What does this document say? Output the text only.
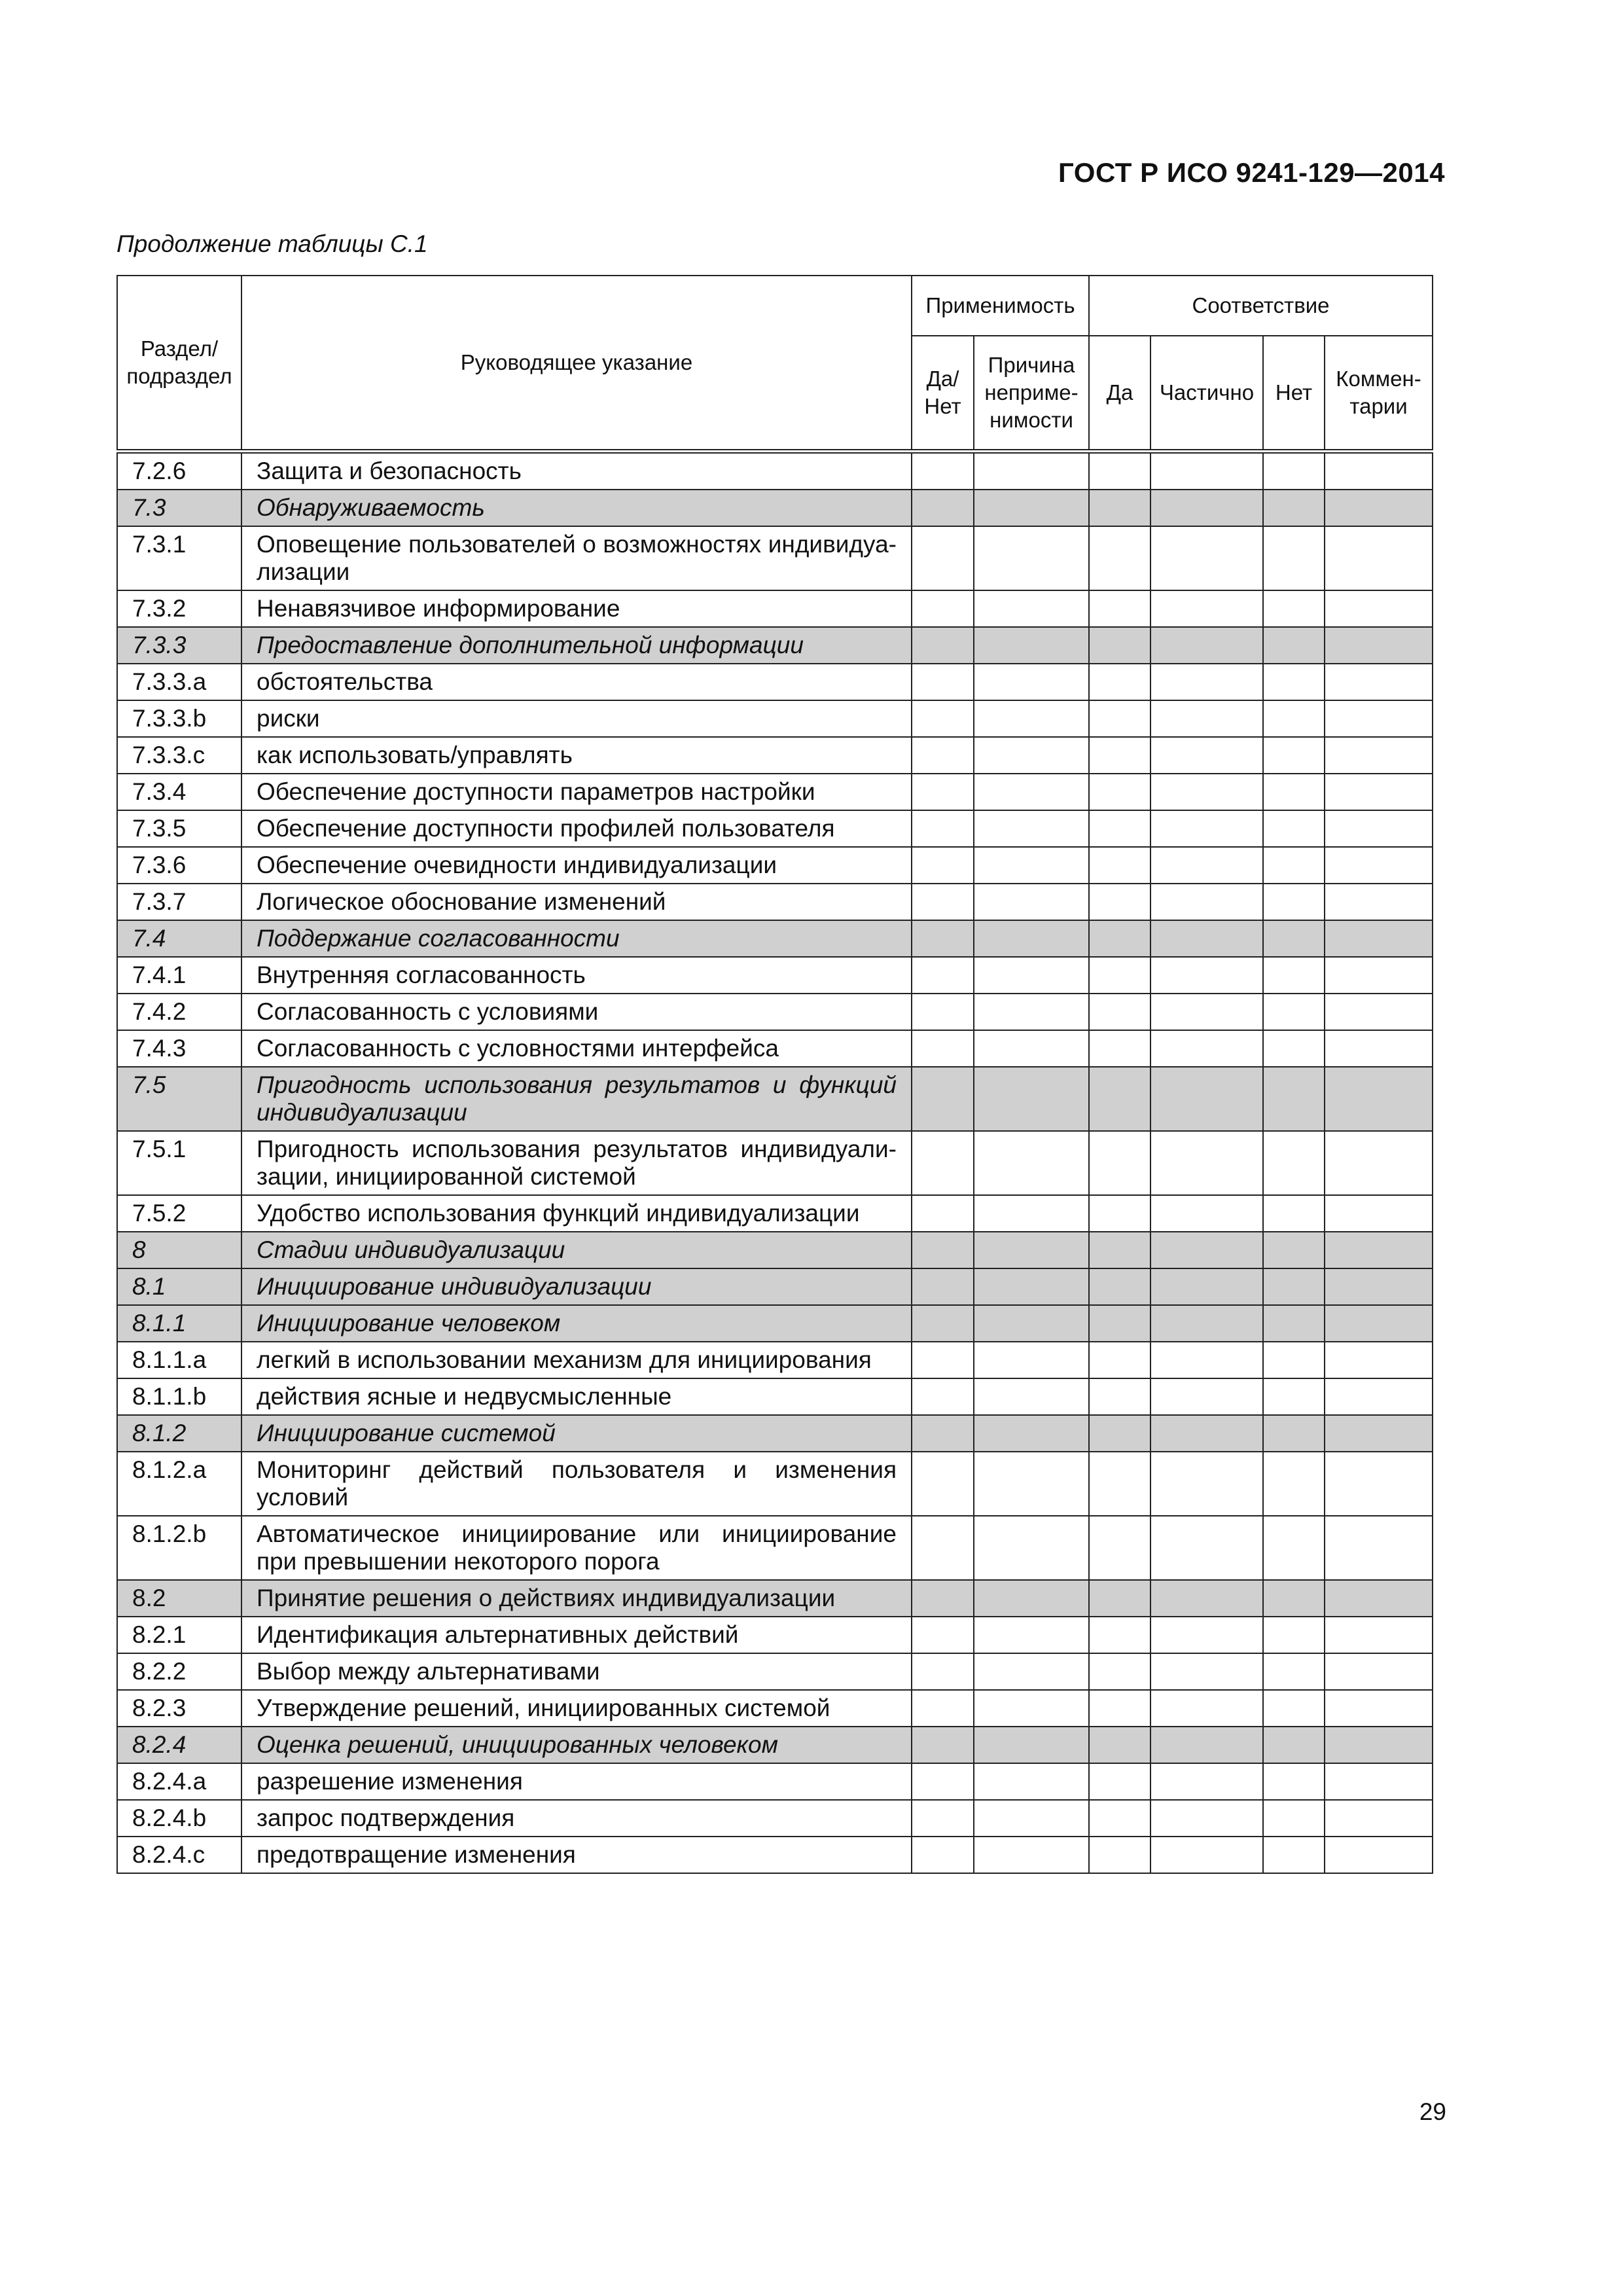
ГОСТ Р ИСО 9241-129—2014
Продолжение таблицы С.1
Раздел/ подраздел	Руководящее указание	Применимость		Соответствие			
		Да/ Нет	Причина неприме- нимости	Да	Частично	Нет	Коммен- тарии
7.2.6	Защита и безопасность						
7.3	Обнаруживаемость						
7.3.1	Оповещение пользователей о возможностях индивидуа- лизации						
7.3.2	Ненавязчивое информирование						
7.3.3	Предоставление дополнительной информации						
7.3.3.a	обстоятельства						
7.3.3.b	риски						
7.3.3.c	как использовать/управлять						
7.3.4	Обеспечение доступности параметров настройки						
7.3.5	Обеспечение доступности профилей пользователя						
7.3.6	Обеспечение очевидности индивидуализации						
7.3.7	Логическое обоснование изменений						
7.4	Поддержание согласованности						
7.4.1	Внутренняя согласованность						
7.4.2	Согласованность с условиями						
7.4.3	Согласованность с условностями интерфейса						
7.5	Пригодность использования результатов и функций индивидуализации						
7.5.1	Пригодность использования результатов индивидуали- зации, инициированной системой						
7.5.2	Удобство использования функций индивидуализации						
8	Стадии индивидуализации						
8.1	Инициирование индивидуализации						
8.1.1	Инициирование человеком						
8.1.1.a	легкий в использовании механизм для инициирования						
8.1.1.b	действия ясные и недвусмысленные						
8.1.2	Инициирование системой						
8.1.2.a	Мониторинг действий пользователя и изменения условий						
8.1.2.b	Автоматическое инициирование или инициирование при превышении некоторого порога						
8.2	Принятие решения о действиях индивидуализации						
8.2.1	Идентификация альтернативных действий						
8.2.2	Выбор между альтернативами						
8.2.3	Утверждение решений, инициированных системой						
8.2.4	Оценка решений, инициированных человеком						
8.2.4.a	разрешение изменения						
8.2.4.b	запрос подтверждения						
8.2.4.c	предотвращение изменения						
29
